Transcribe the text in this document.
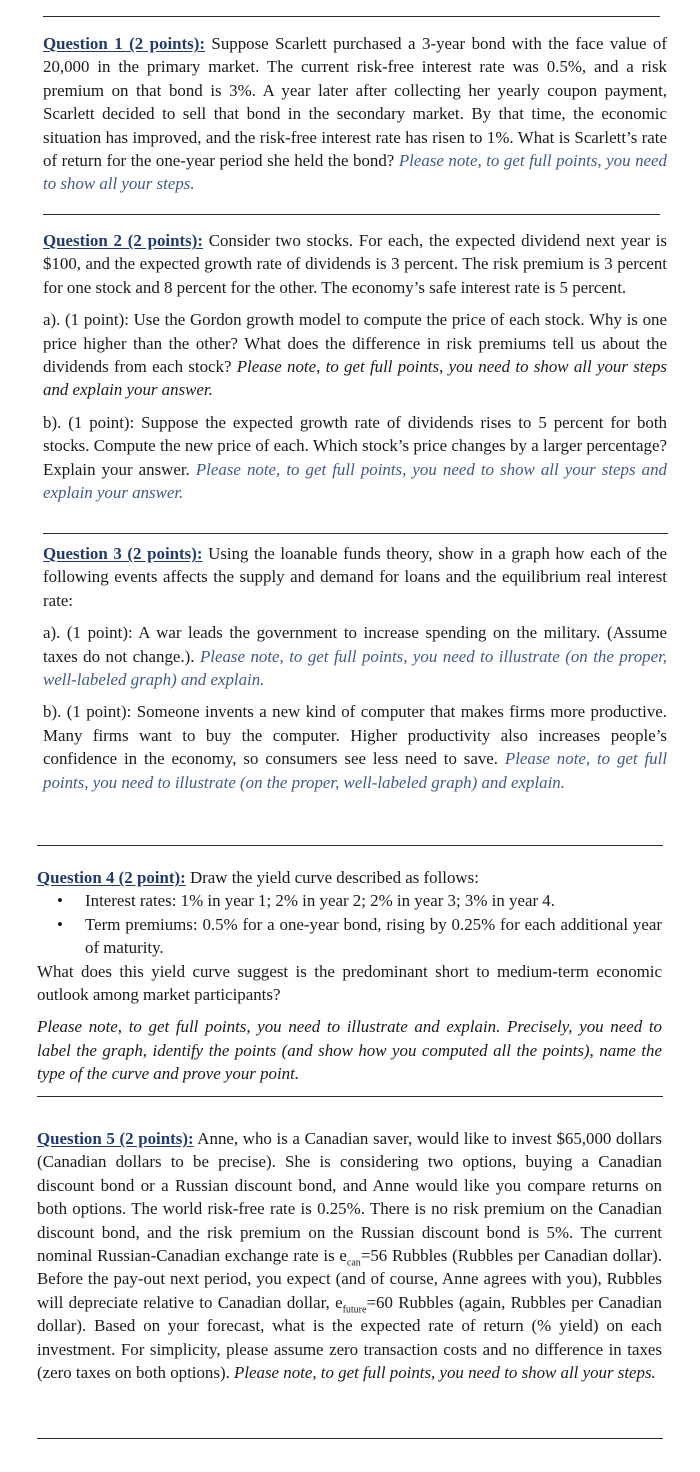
Question 1 (2 points): Suppose Scarlett purchased a 3-year bond with the face value of 20,000 in the primary market. The current risk-free interest rate was 0.5%, and a risk premium on that bond is 3%. A year later after collecting her yearly coupon payment, Scarlett decided to sell that bond in the secondary market. By that time, the economic situation has improved, and the risk-free interest rate has risen to 1%. What is Scarlett’s rate of return for the one-year period she held the bond? Please note, to get full points, you need to show all your steps.

Question 2 (2 points): Consider two stocks. For each, the expected dividend next year is $100, and the expected growth rate of dividends is 3 percent. The risk premium is 3 percent for one stock and 8 percent for the other. The economy’s safe interest rate is 5 percent.

a). (1 point): Use the Gordon growth model to compute the price of each stock. Why is one price higher than the other? What does the difference in risk premiums tell us about the dividends from each stock? Please note, to get full points, you need to show all your steps and explain your answer.

b). (1 point): Suppose the expected growth rate of dividends rises to 5 percent for both stocks. Compute the new price of each. Which stock’s price changes by a larger percentage? Explain your answer. Please note, to get full points, you need to show all your steps and explain your answer.

Question 3 (2 points): Using the loanable funds theory, show in a graph how each of the following events affects the supply and demand for loans and the equilibrium real interest rate:

a). (1 point): A war leads the government to increase spending on the military. (Assume taxes do not change.). Please note, to get full points, you need to illustrate (on the proper, well-labeled graph) and explain.

b). (1 point): Someone invents a new kind of computer that makes firms more productive. Many firms want to buy the computer. Higher productivity also increases people’s confidence in the economy, so consumers see less need to save. Please note, to get full points, you need to illustrate (on the proper, well-labeled graph) and explain.

Question 4 (2 point): Draw the yield curve described as follows:

• Interest rates: 1% in year 1; 2% in year 2; 2% in year 3; 3% in year 4.
• Term premiums: 0.5% for a one-year bond, rising by 0.25% for each additional year of maturity.

What does this yield curve suggest is the predominant short to medium-term economic outlook among market participants?

Please note, to get full points, you need to illustrate and explain. Precisely, you need to label the graph, identify the points (and show how you computed all the points), name the type of the curve and prove your point.

Question 5 (2 points): Anne, who is a Canadian saver, would like to invest $65,000 dollars (Canadian dollars to be precise). She is considering two options, buying a Canadian discount bond or a Russian discount bond, and Anne would like you compare returns on both options. The world risk-free rate is 0.25%. There is no risk premium on the Canadian discount bond, and the risk premium on the Russian discount bond is 5%. The current nominal Russian-Canadian exchange rate is $e_{can}=56$ Rubbles (Rubbles per Canadian dollar). Before the pay-out next period, you expect (and of course, Anne agrees with you), Rubbles will depreciate relative to Canadian dollar, $e_{future}=60$ Rubbles (again, Rubbles per Canadian dollar). Based on your forecast, what is the expected rate of return (% yield) on each investment. For simplicity, please assume zero transaction costs and no difference in taxes (zero taxes on both options). Please note, to get full points, you need to show all your steps.
